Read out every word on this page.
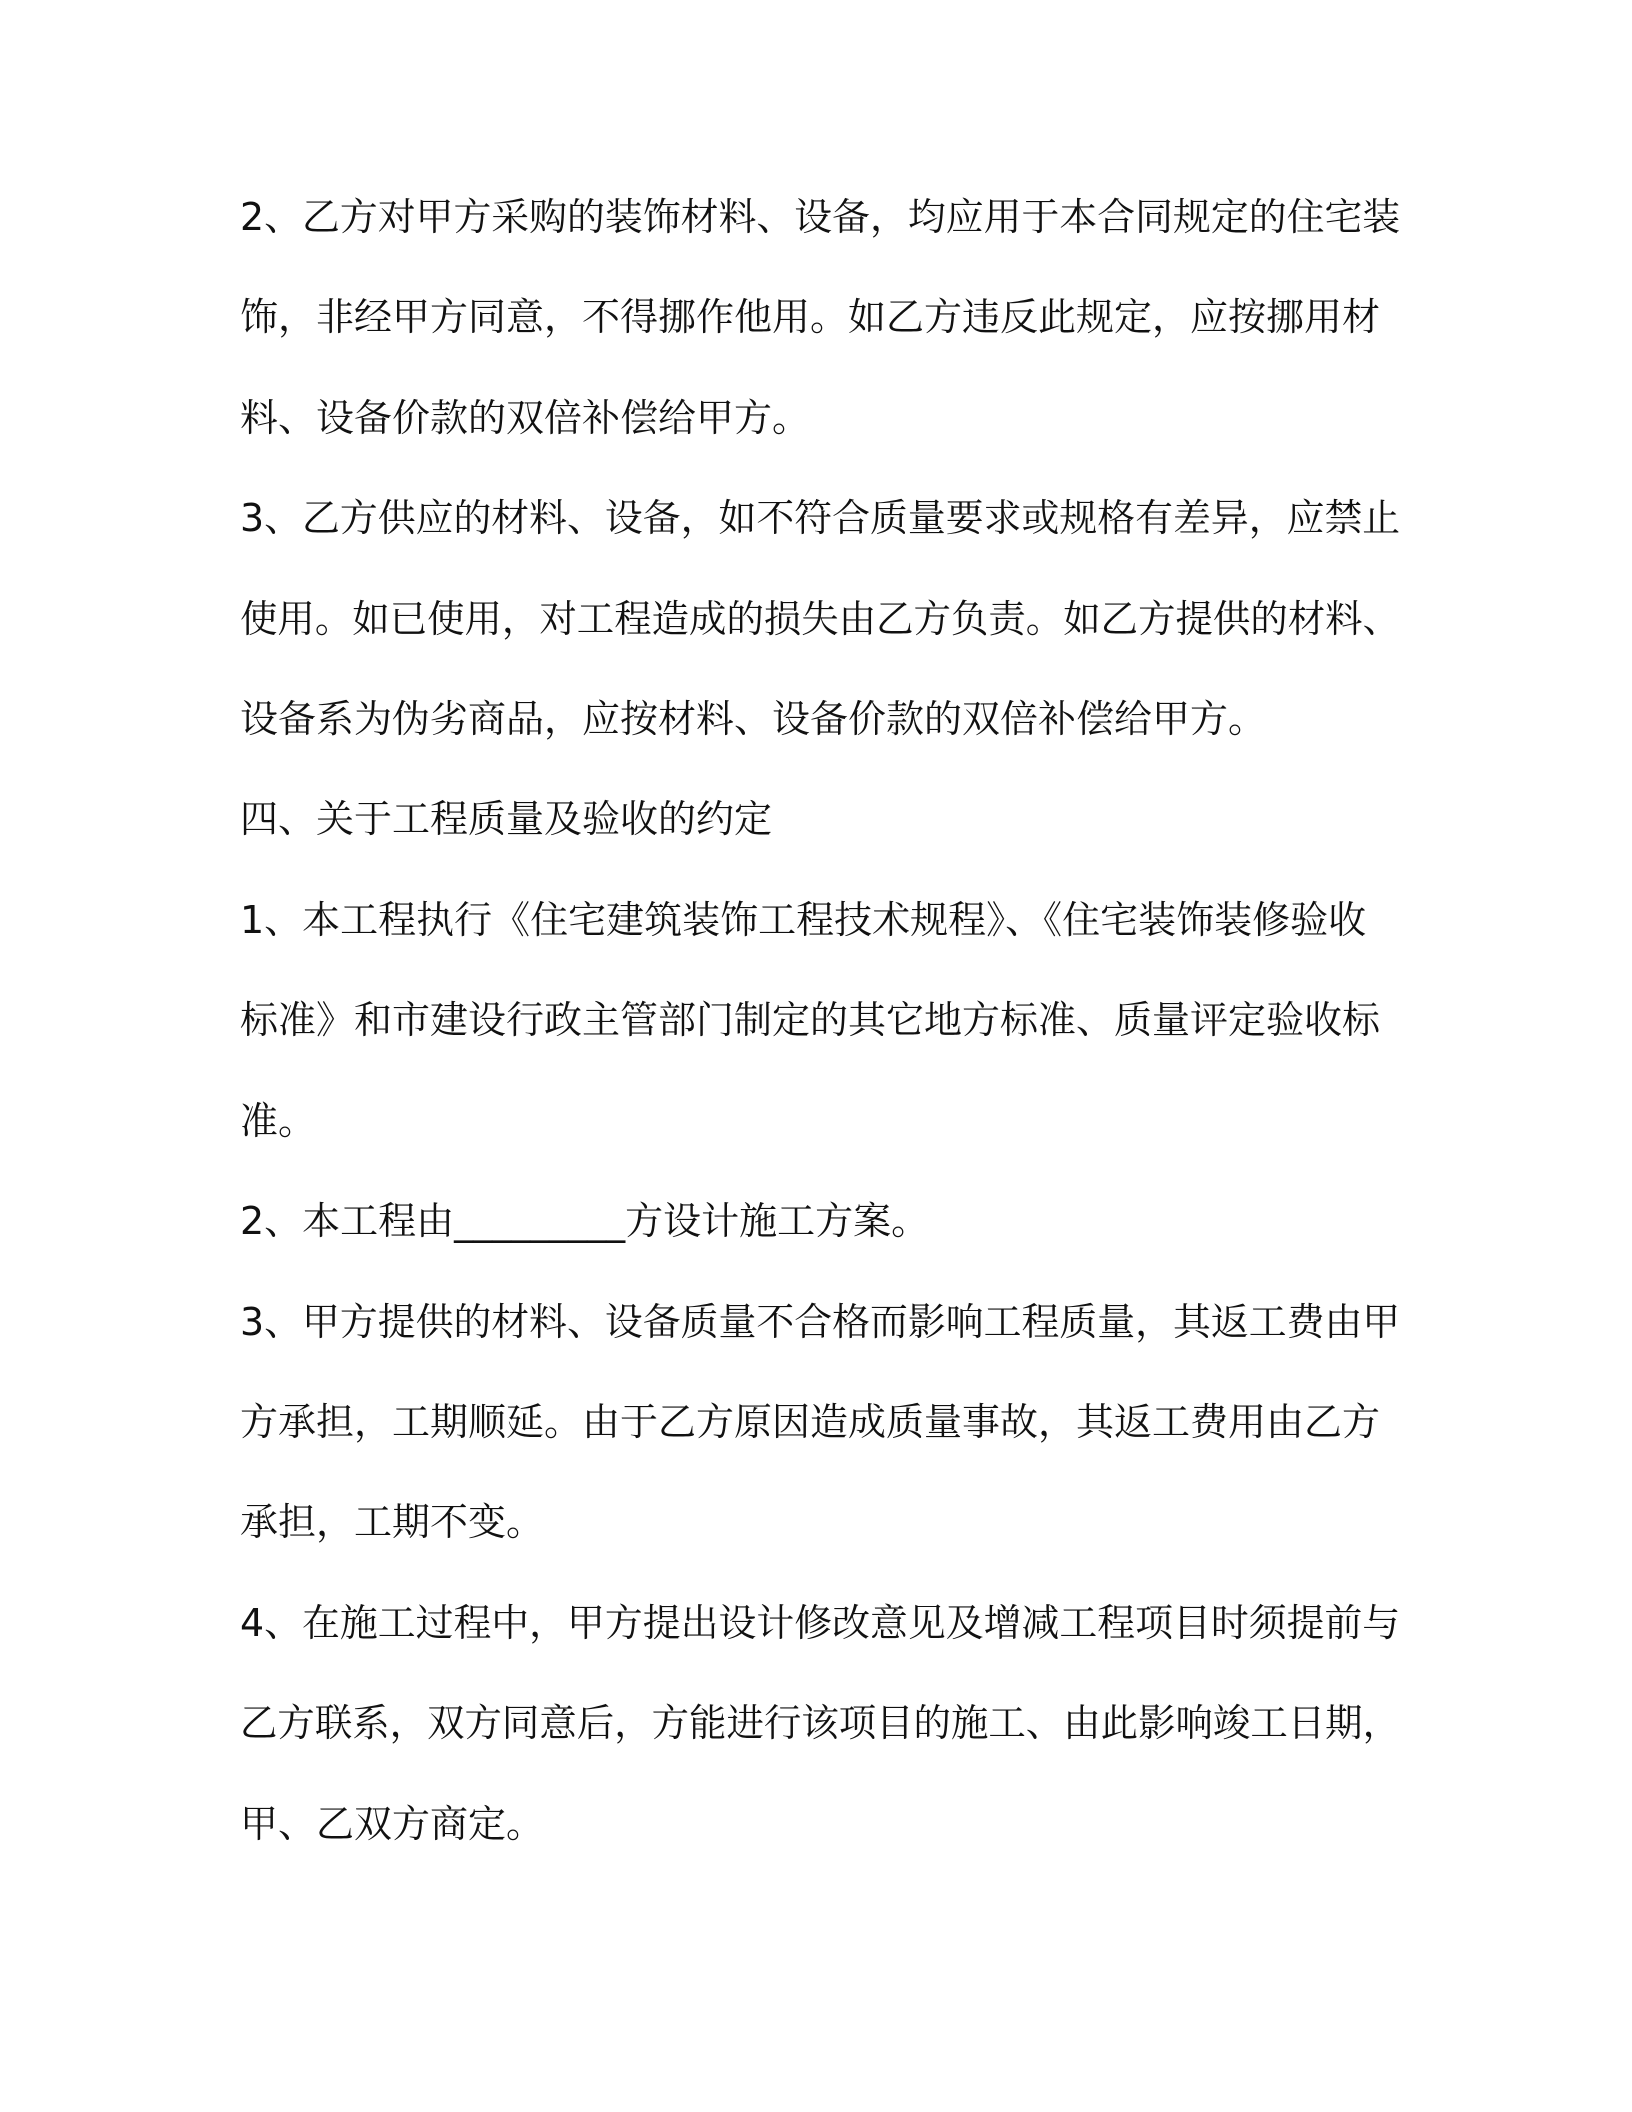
2、乙方对甲方采购的装饰材料、设备，均应用于本合同规定的住宅装
饰，非经甲方同意，不得挪作他用。如乙方违反此规定，应按挪用材
料、设备价款的双倍补偿给甲方。
3、乙方供应的材料、设备，如不符合质量要求或规格有差异，应禁止
使用。如已使用，对工程造成的损失由乙方负责。如乙方提供的材料、
设备系为伪劣商品，应按材料、设备价款的双倍补偿给甲方。
四、关于工程质量及验收的约定
1、本工程执行《住宅建筑装饰工程技术规程》、《住宅装饰装修验收
标准》和市建设行政主管部门制定的其它地方标准、质量评定验收标
准。
2、本工程由_________方设计施工方案。
3、甲方提供的材料、设备质量不合格而影响工程质量，其返工费由甲
方承担，工期顺延。由于乙方原因造成质量事故，其返工费用由乙方
承担，工期不变。
4、在施工过程中，甲方提出设计修改意见及增减工程项目时须提前与
乙方联系，双方同意后，方能进行该项目的施工、由此影响竣工日期，
甲、乙双方商定。
